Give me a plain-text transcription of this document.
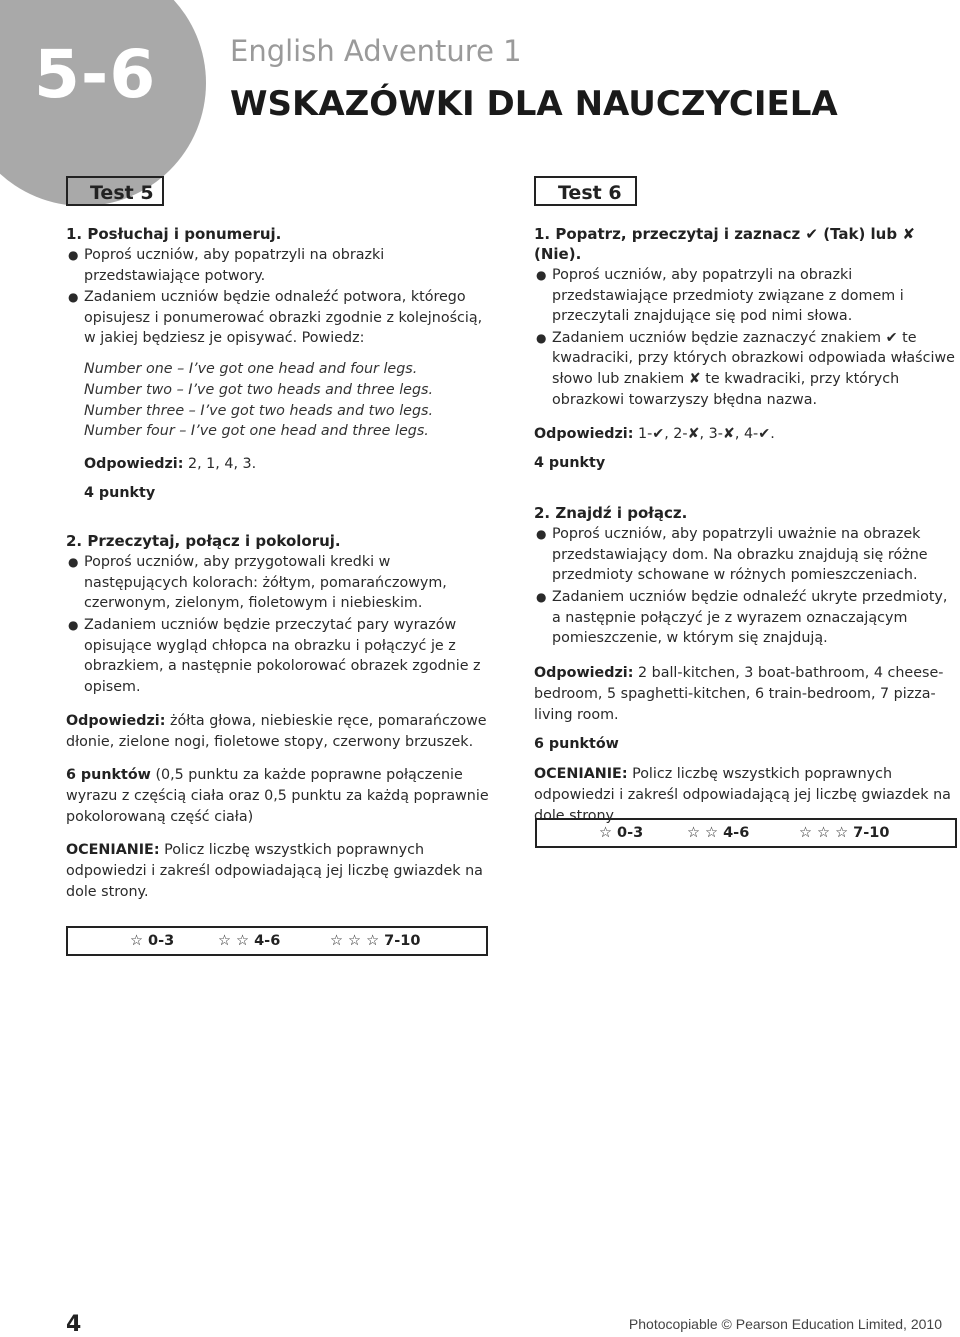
5-6	English Adventure 1
WSKAZÓWKI DLA NAUCZYCIELA
Test 5
1. Posłuchaj i ponumeruj.
● Poproś uczniów, aby popatrzyli na obrazki przedstawiające potwory.
● Zadaniem uczniów będzie odnaleźć potwora, którego opisujesz i ponumerować obrazki zgodnie z kolejnością, w jakiej będziesz je opisywać. Powiedz:
Number one – I’ve got one head and four legs.
Number two – I’ve got two heads and three legs.
Number three – I’ve got two heads and two legs.
Number four – I’ve got one head and three legs.
Odpowiedzi: 2, 1, 4, 3.
4 punkty
2. Przeczytaj, połącz i pokoloruj.
● Poproś uczniów, aby przygotowali kredki w następujących kolorach: żółtym, pomarańczowym, czerwonym, zielonym, fioletowym i niebieskim.
● Zadaniem uczniów będzie przeczytać pary wyrazów opisujące wygląd chłopca na obrazku i połączyć je z obrazkiem, a następnie pokolorować obrazek zgodnie z opisem.
Odpowiedzi: żółta głowa, niebieskie ręce, pomarańczowe dłonie, zielone nogi, fioletowe stopy, czerwony brzuszek.
6 punktów (0,5 punktu za każde poprawne połączenie wyrazu z częścią ciała oraz 0,5 punktu za każdą poprawnie pokolorowaną część ciała)
OCENIANIE: Policz liczbę wszystkich poprawnych odpowiedzi i zakreśl odpowiadającą jej liczbę gwiazdek na dole strony.
☆ 0-3	☆ ☆ 4-6	☆ ☆ ☆ 7-10
Test 6
1. Popatrz, przeczytaj i zaznacz ✔ (Tak) lub ✘ (Nie).
● Poproś uczniów, aby popatrzyli na obrazki przedstawiające przedmioty związane z domem i przeczytali znajdujące się pod nimi słowa.
● Zadaniem uczniów będzie zaznaczyć znakiem ✔ te kwadraciki, przy których obrazkowi odpowiada właściwe słowo lub znakiem ✘ te kwadraciki, przy których obrazkowi towarzyszy błędna nazwa.
Odpowiedzi: 1-✔, 2-✘, 3-✘, 4-✔.
4 punkty
2. Znajdź i połącz.
● Poproś uczniów, aby popatrzyli uważnie na obrazek przedstawiający dom. Na obrazku znajdują się różne przedmioty schowane w różnych pomieszczeniach.
● Zadaniem uczniów będzie odnaleźć ukryte przedmioty, a następnie połączyć je z wyrazem oznaczającym pomieszczenie, w którym się znajdują.
Odpowiedzi: 2 ball-kitchen, 3 boat-bathroom, 4 cheese-bedroom, 5 spaghetti-kitchen, 6 train-bedroom, 7 pizza-living room.
6 punktów
OCENIANIE: Policz liczbę wszystkich poprawnych odpowiedzi i zakreśl odpowiadającą jej liczbę gwiazdek na dole strony.
☆ 0-3	☆ ☆ 4-6	☆ ☆ ☆ 7-10
4	Photocopiable © Pearson Education Limited, 2010
